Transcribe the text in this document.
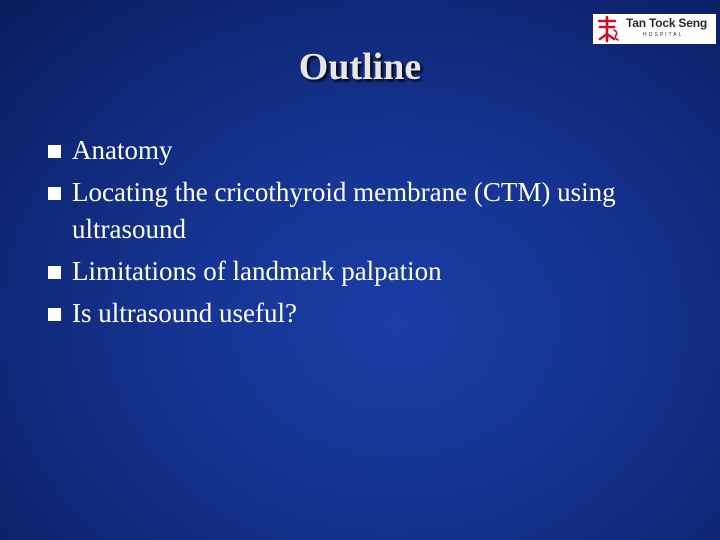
Tan Tock Seng
HOSPITAL
Outline
Anatomy
Locating the cricothyroid membrane (CTM) using ultrasound
Limitations of landmark palpation
Is ultrasound useful?
